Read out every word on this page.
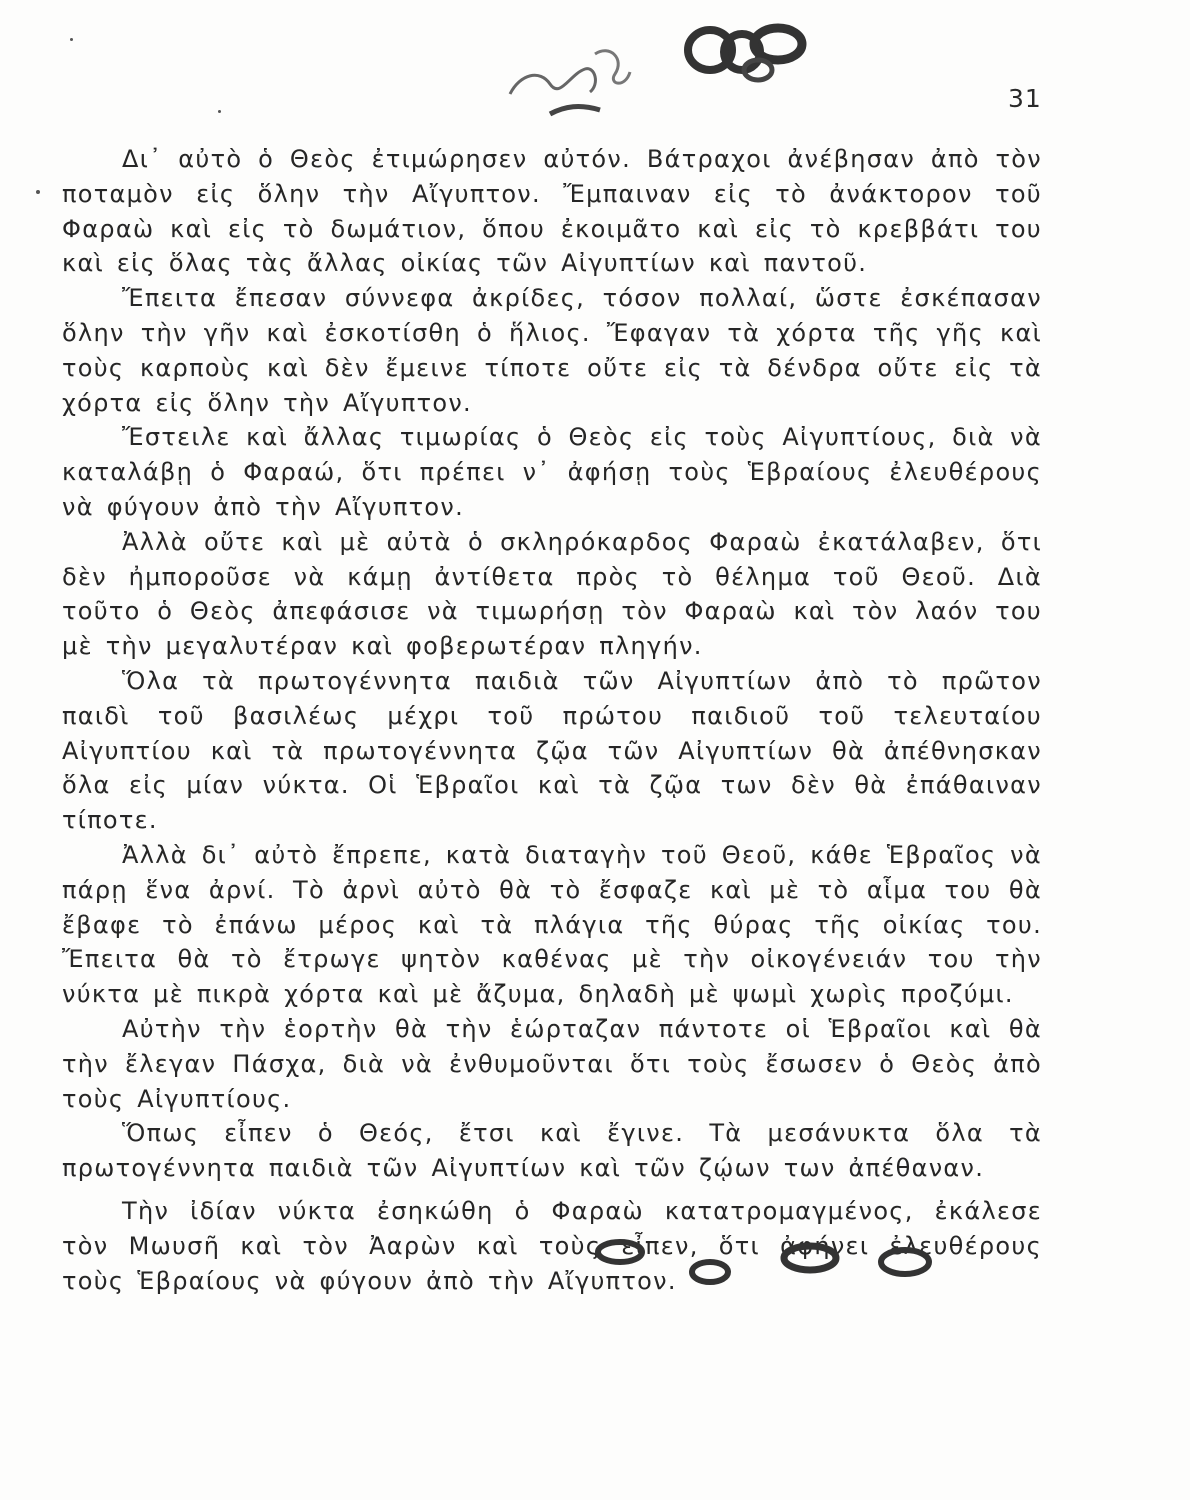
31

Δι᾿ αὐτὸ ὁ Θεὸς ἐτιμώρησεν αὐτόν. Βάτραχοι ἀνέβησαν ἀπὸ τὸν ποταμὸν εἰς ὅλην τὴν Αἴγυπτον. Ἔμπαιναν εἰς τὸ ἀνάκτορον τοῦ Φαραὼ καὶ εἰς τὸ δωμάτιον, ὅπου ἐκοιμᾶτο καὶ εἰς τὸ κρεββάτι του καὶ εἰς ὅλας τὰς ἄλλας οἰκίας τῶν Αἰγυπτίων καὶ παντοῦ.

Ἔπειτα ἔπεσαν σύννεφα ἀκρίδες, τόσον πολλαί, ὥστε ἐσκέπασαν ὅλην τὴν γῆν καὶ ἐσκοτίσθη ὁ ἥλιος. Ἔφαγαν τὰ χόρτα τῆς γῆς καὶ τοὺς καρποὺς καὶ δὲν ἔμεινε τίποτε οὔτε εἰς τὰ δένδρα οὔτε εἰς τὰ χόρτα εἰς ὅλην τὴν Αἴγυπτον.

Ἔστειλε καὶ ἄλλας τιμωρίας ὁ Θεὸς εἰς τοὺς Αἰγυπτίους, διὰ νὰ καταλάβῃ ὁ Φαραώ, ὅτι πρέπει ν᾿ ἀφήσῃ τοὺς Ἑβραίους ἐλευθέρους νὰ φύγουν ἀπὸ τὴν Αἴγυπτον.

Ἀλλὰ οὔτε καὶ μὲ αὐτὰ ὁ σκληρόκαρδος Φαραὼ ἐκατάλαβεν, ὅτι δὲν ἠμποροῦσε νὰ κάμῃ ἀντίθετα πρὸς τὸ θέλημα τοῦ Θεοῦ. Διὰ τοῦτο ὁ Θεὸς ἀπεφάσισε νὰ τιμωρήσῃ τὸν Φαραὼ καὶ τὸν λαόν του μὲ τὴν μεγαλυτέραν καὶ φοβερωτέραν πληγήν.

Ὅλα τὰ πρωτογέννητα παιδιὰ τῶν Αἰγυπτίων ἀπὸ τὸ πρῶτον παιδὶ τοῦ βασιλέως μέχρι τοῦ πρώτου παιδιοῦ τοῦ τελευταίου Αἰγυπτίου καὶ τὰ πρωτογέννητα ζῷα τῶν Αἰγυπτίων θὰ ἀπέθνησκαν ὅλα εἰς μίαν νύκτα. Οἱ Ἑβραῖοι καὶ τὰ ζῷα των δὲν θὰ ἐπάθαιναν τίποτε.

Ἀλλὰ δι᾿ αὐτὸ ἔπρεπε, κατὰ διαταγὴν τοῦ Θεοῦ, κάθε Ἑβραῖος νὰ πάρῃ ἕνα ἀρνί. Τὸ ἀρνὶ αὐτὸ θὰ τὸ ἔσφαζε καὶ μὲ τὸ αἷμα του θὰ ἔβαφε τὸ ἐπάνω μέρος καὶ τὰ πλάγια τῆς θύρας τῆς οἰκίας του. Ἔπειτα θὰ τὸ ἔτρωγε ψητὸν καθένας μὲ τὴν οἰκογένειάν του τὴν νύκτα μὲ πικρὰ χόρτα καὶ μὲ ἄζυμα, δηλαδὴ μὲ ψωμὶ χωρὶς προζύμι.

Αὐτὴν τὴν ἑορτὴν θὰ τὴν ἑώρταζαν πάντοτε οἱ Ἑβραῖοι καὶ θὰ τὴν ἔλεγαν Πάσχα, διὰ νὰ ἐνθυμοῦνται ὅτι τοὺς ἔσωσεν ὁ Θεὸς ἀπὸ τοὺς Αἰγυπτίους.

Ὅπως εἶπεν ὁ Θεός, ἔτσι καὶ ἔγινε. Τὰ μεσάνυκτα ὅλα τὰ πρωτογέννητα παιδιὰ τῶν Αἰγυπτίων καὶ τῶν ζῴων των ἀπέθαναν.

Τὴν ἰδίαν νύκτα ἐσηκώθη ὁ Φαραὼ κατατρομαγμένος, ἐκάλεσε τὸν Μωυσῆ καὶ τὸν Ἀαρὼν καὶ τοὺς εἶπεν, ὅτι ἀφήνει ἐλευθέρους τοὺς Ἑβραίους νὰ φύγουν ἀπὸ τὴν Αἴγυπτον.
